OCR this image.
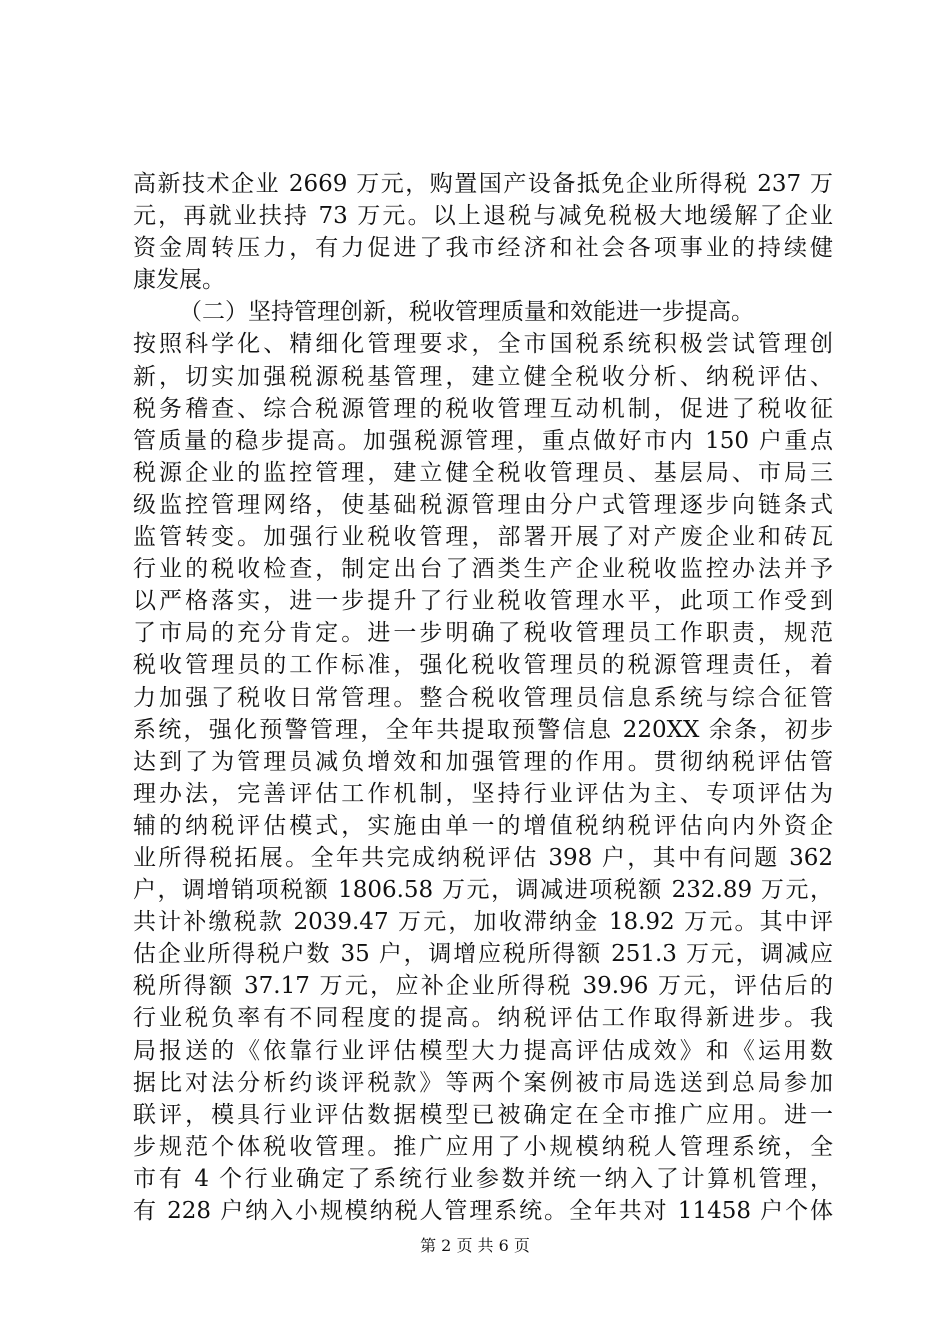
高新技术企业 2669 万元，购置国产设备抵免企业所得税 237 万
元，再就业扶持 73 万元。以上退税与减免税极大地缓解了企业
资金周转压力，有力促进了我市经济和社会各项事业的持续健
康发展。
（二）坚持管理创新，税收管理质量和效能进一步提高。
按照科学化、精细化管理要求，全市国税系统积极尝试管理创
新，切实加强税源税基管理，建立健全税收分析、纳税评估、
税务稽查、综合税源管理的税收管理互动机制，促进了税收征
管质量的稳步提高。加强税源管理，重点做好市内 150 户重点
税源企业的监控管理，建立健全税收管理员、基层局、市局三
级监控管理网络，使基础税源管理由分户式管理逐步向链条式
监管转变。加强行业税收管理，部署开展了对产废企业和砖瓦
行业的税收检查，制定出台了酒类生产企业税收监控办法并予
以严格落实，进一步提升了行业税收管理水平，此项工作受到
了市局的充分肯定。进一步明确了税收管理员工作职责，规范
税收管理员的工作标准，强化税收管理员的税源管理责任，着
力加强了税收日常管理。整合税收管理员信息系统与综合征管
系统，强化预警管理，全年共提取预警信息 220XX 余条，初步
达到了为管理员减负增效和加强管理的作用。贯彻纳税评估管
理办法，完善评估工作机制，坚持行业评估为主、专项评估为
辅的纳税评估模式，实施由单一的增值税纳税评估向内外资企
业所得税拓展。全年共完成纳税评估 398 户，其中有问题 362
户，调增销项税额 1806.58 万元，调减进项税额 232.89 万元，
共计补缴税款 2039.47 万元，加收滞纳金 18.92 万元。其中评
估企业所得税户数 35 户，调增应税所得额 251.3 万元，调减应
税所得额 37.17 万元，应补企业所得税 39.96 万元，评估后的
行业税负率有不同程度的提高。纳税评估工作取得新进步。我
局报送的《依靠行业评估模型大力提高评估成效》和《运用数
据比对法分析约谈评税款》等两个案例被市局选送到总局参加
联评，模具行业评估数据模型已被确定在全市推广应用。进一
步规范个体税收管理。推广应用了小规模纳税人管理系统，全
市有 4 个行业确定了系统行业参数并统一纳入了计算机管理，
有 228 户纳入小规模纳税人管理系统。全年共对 11458 户个体
第 2 页 共 6 页
